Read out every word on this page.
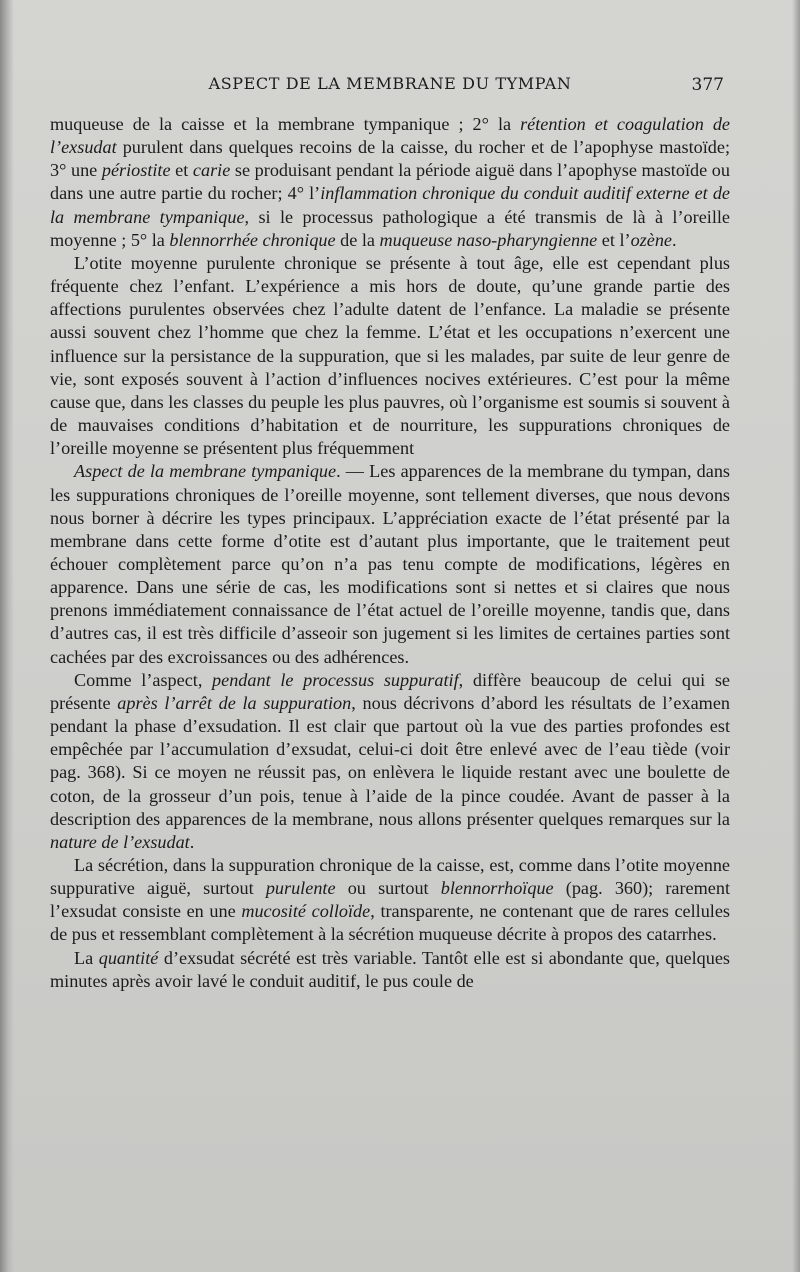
ASPECT DE LA MEMBRANE DU TYMPAN	377

muqueuse de la caisse et la membrane tympanique ; 2° la rétention et coagulation de l’exsudat purulent dans quelques recoins de la caisse, du rocher et de l’apophyse mastoïde; 3° une périostite et carie se produisant pendant la période aiguë dans l’apophyse mastoïde ou dans une autre partie du rocher; 4° l’inflammation chronique du conduit auditif externe et de la membrane tympanique, si le processus pathologique a été transmis de là à l’oreille moyenne ; 5° la blennorrhée chronique de la muqueuse naso-pharyngienne et l’ozène.

L’otite moyenne purulente chronique se présente à tout âge, elle est cependant plus fréquente chez l’enfant. L’expérience a mis hors de doute, qu’une grande partie des affections purulentes observées chez l’adulte datent de l’enfance. La maladie se présente aussi souvent chez l’homme que chez la femme. L’état et les occupations n’exercent une influence sur la persistance de la suppuration, que si les malades, par suite de leur genre de vie, sont exposés souvent à l’action d’influences nocives extérieures. C’est pour la même cause que, dans les classes du peuple les plus pauvres, où l’organisme est soumis si souvent à de mauvaises conditions d’habitation et de nourriture, les suppurations chroniques de l’oreille moyenne se présentent plus fréquemment

Aspect de la membrane tympanique. — Les apparences de la membrane du tympan, dans les suppurations chroniques de l’oreille moyenne, sont tellement diverses, que nous devons nous borner à décrire les types principaux. L’appréciation exacte de l’état présenté par la membrane dans cette forme d’otite est d’autant plus importante, que le traitement peut échouer complètement parce qu’on n’a pas tenu compte de modifications, légères en apparence. Dans une série de cas, les modifications sont si nettes et si claires que nous prenons immédiatement connaissance de l’état actuel de l’oreille moyenne, tandis que, dans d’autres cas, il est très difficile d’asseoir son jugement si les limites de certaines parties sont cachées par des excroissances ou des adhérences.

Comme l’aspect, pendant le processus suppuratif, diffère beaucoup de celui qui se présente après l’arrêt de la suppuration, nous décrivons d’abord les résultats de l’examen pendant la phase d’exsudation. Il est clair que partout où la vue des parties profondes est empêchée par l’accumulation d’exsudat, celui-ci doit être enlevé avec de l’eau tiède (voir pag. 368). Si ce moyen ne réussit pas, on enlèvera le liquide restant avec une boulette de coton, de la grosseur d’un pois, tenue à l’aide de la pince coudée. Avant de passer à la description des apparences de la membrane, nous allons présenter quelques remarques sur la nature de l’exsudat.

La sécrétion, dans la suppuration chronique de la caisse, est, comme dans l’otite moyenne suppurative aiguë, surtout purulente ou surtout blennorrhoïque (pag. 360); rarement l’exsudat consiste en une mucosité colloïde, transparente, ne contenant que de rares cellules de pus et ressemblant complètement à la sécrétion muqueuse décrite à propos des catarrhes.

La quantité d’exsudat sécrété est très variable. Tantôt elle est si abondante que, quelques minutes après avoir lavé le conduit auditif, le pus coule de
